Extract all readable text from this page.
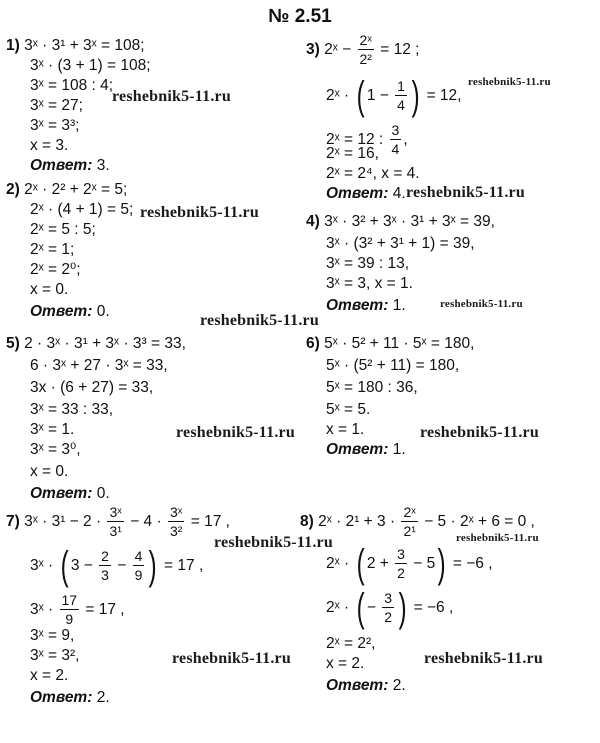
№ 2.51
1) 3ˣ · 3¹ + 3ˣ = 108;
3ˣ · (3 + 1) = 108;
3ˣ = 108 : 4;
3ˣ = 27;
3ˣ = 3³;
x = 3.
Ответ: 3.
2) 2ˣ · 2² + 2ˣ = 5;
2ˣ · (4 + 1) = 5;
2ˣ = 5 : 5;
2ˣ = 1;
2ˣ = 2⁰;
x = 0.
Ответ: 0.
3) 2ˣ − $\frac{\text{2ˣ}}{\text{2²}} = 12$ ;
2ˣ · ( $1 - \frac{1}{4}$ ) = 12,
2ˣ = 12 : $\frac{3}{4}$ ,
2ˣ = 16,
2ˣ = 2⁴, x = 4.
Ответ: 4.
4) 3ˣ · 3² + 3ˣ · 3¹ + 3ˣ = 39,
3ˣ · (3² + 3¹ + 1) = 39,
3ˣ = 39 : 13,
3ˣ = 3, x = 1.
Ответ: 1.
5) 2 · 3ˣ · 3¹ + 3ˣ · 3³ = 33,
6 · 3ˣ + 27 · 3ˣ = 33,
3x · (6 + 27) = 33,
3ˣ = 33 : 33,
3ˣ = 1.
3ˣ = 3⁰,
x = 0.
Ответ: 0.
6) 5ˣ · 5² + 11 · 5ˣ = 180,
5ˣ · (5² + 11) = 180,
5ˣ = 180 : 36,
5ˣ = 5.
x = 1.
Ответ: 1.
7) 3ˣ · $3^1 - 2 \cdot \frac{\text{3ˣ}}{\text{3¹}} - 4 \cdot \frac{\text{3ˣ}}{\text{3²}} = 17$ ,
3ˣ · ( $3 - \frac{2}{3} - \frac{4}{9}$ ) = 17 ,
3ˣ · $\frac{17}{9} = 17$ ,
3ˣ = 9,
3ˣ = 3²,
x = 2.
Ответ: 2.
8) 2ˣ · $2^1 + 3 \cdot \frac{\text{2ˣ}}{\text{2¹}} - 5$ · 2ˣ + 6 = 0 ,
2ˣ · ( $2 + \frac{3}{2} - 5) = -6$ ,
2ˣ · ( − $\frac{3}{2}$ ) = −6 ,
2ˣ = 2²,
x = 2.
Ответ: 2.
reshebnik5-11.ru
reshebnik5-11.ru
reshebnik5-11.ru
reshebnik5-11.ru
reshebnik5-11.ru
reshebnik5-11.ru
reshebnik5-11.ru	reshebnik5-11.ru
reshebnik5-11.ru	reshebnik5-11.ru
reshebnik5-11.ru	reshebnik5-11.ru
